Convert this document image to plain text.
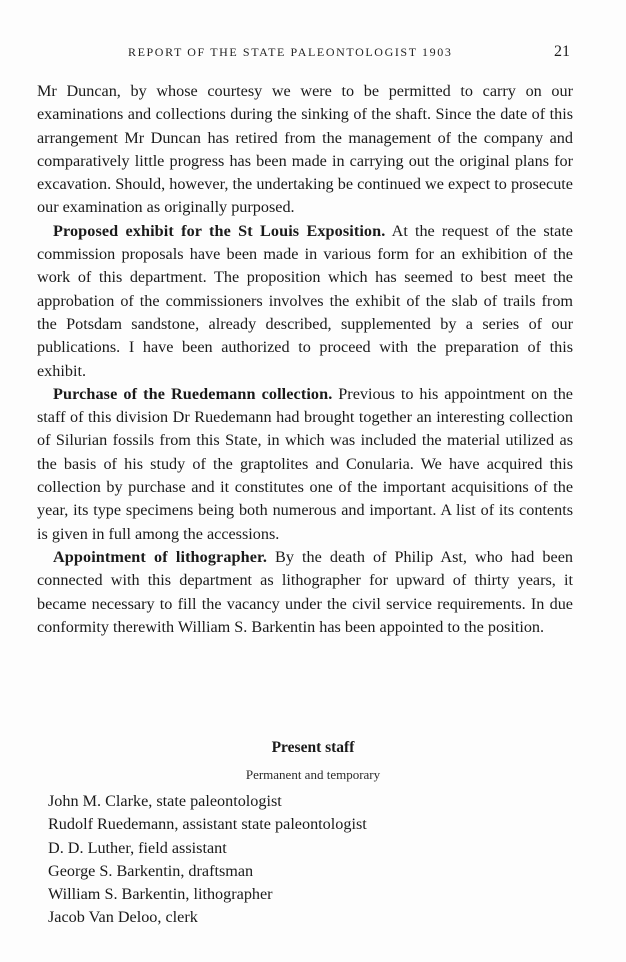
REPORT OF THE STATE PALEONTOLOGIST 1903	21

Mr Duncan, by whose courtesy we were to be permitted to carry on our examinations and collections during the sinking of the shaft. Since the date of this arrangement Mr Duncan has retired from the management of the company and comparatively little progress has been made in carrying out the original plans for excavation. Should, however, the undertaking be continued we expect to prosecute our examination as originally purposed.

Proposed exhibit for the St Louis Exposition. At the request of the state commission proposals have been made in various form for an exhibition of the work of this department. The proposition which has seemed to best meet the approbation of the commissioners involves the exhibit of the slab of trails from the Potsdam sandstone, already described, supplemented by a series of our publications. I have been authorized to proceed with the preparation of this exhibit.

Purchase of the Ruedemann collection. Previous to his appointment on the staff of this division Dr Ruedemann had brought together an interesting collection of Silurian fossils from this State, in which was included the material utilized as the basis of his study of the graptolites and Conularia. We have acquired this collection by purchase and it constitutes one of the important acquisitions of the year, its type specimens being both numerous and important. A list of its contents is given in full among the accessions.

Appointment of lithographer. By the death of Philip Ast, who had been connected with this department as lithographer for upward of thirty years, it became necessary to fill the vacancy under the civil service requirements. In due conformity therewith William S. Barkentin has been appointed to the position.

Present staff
Permanent and temporary
John M. Clarke, state paleontologist
Rudolf Ruedemann, assistant state paleontologist
D. D. Luther, field assistant
George S. Barkentin, draftsman
William S. Barkentin, lithographer
Jacob Van Deloo, clerk
